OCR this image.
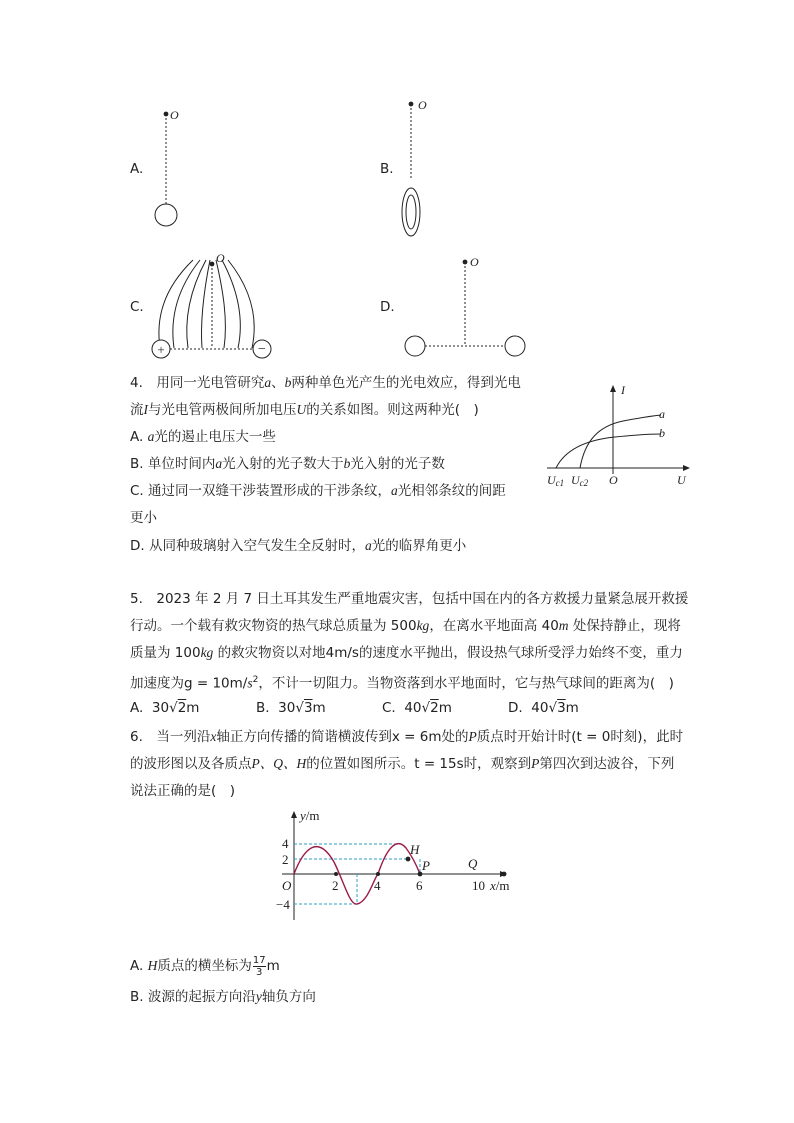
A.
O
B.
O
C.
+	−
O
D.
O
4.　 用同一光电管研究a、b两种单色光产生的光电效应，得到光电
流I与光电管两极间所加电压U的关系如图。则这两种光(　)
A. a光的遏止电压大一些
B. 单位时间内a光入射的光子数大于b光入射的光子数
C. 通过同一双缝干涉装置形成的干涉条纹，a光相邻条纹的间距
更小
D. 从同种玻璃射入空气发生全反射时，a光的临界角更小
I
U
O
a
b
Uc1 Uc2
5.　2023 年 2 月 7 日土耳其发生严重地震灾害，包括中国在内的各方救援力量紧急展开救援
行动。一个载有救灾物资的热气球总质量为 500kg，在离水平地面高 40m 处保持静止，现将
质量为 100kg 的救灾物资以对地4m/s的速度水平抛出，假设热气球所受浮力始终不变，重力
加速度为$g = 10m/s^2$，不计一切阻力。当物资落到水平地面时，它与热气球间的距离为(　)
A. 30√2m	B. 30√3m	C. 40√2m	D. 40√3m
6.　当一列沿x轴正方向传播的简谐横波传到x = 6m处的P质点时开始计时(t = 0时刻)，此时
的波形图以及各质点P、Q、H的位置如图所示。t = 15s时，观察到P第四次到达波谷，下列
说法正确的是(　)
y/m
x/m
O
4
2
−4
2	4	6	10
H
P	Q
A. H质点的横坐标为 $\frac{17}{3}$ m
B. 波源的起振方向沿y轴负方向
